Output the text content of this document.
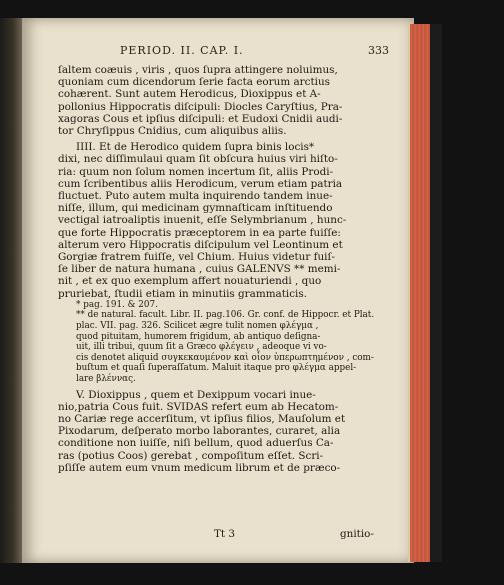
PERIOD. II. CAP. I.	333
ſaltem coæuis , viris , quos ſupra attingere noluimus,
quoniam cum dicendorum ſerie facta eorum arctius
cohærent. Sunt autem Herodicus, Dioxippus et A-
pollonius Hippocratis diſcipuli: Diocles Caryſtius, Pra-
xagoras Cous et ipſius diſcipuli: et Eudoxi Cnidii audi-
tor Chryſippus Cnidius, cum aliquibus aliis.
IIII. Et de Herodico quidem ſupra binis locis*
dixi, nec diſſimulaui quam ſit obſcura huius viri hiſto-
ria: quum non ſolum nomen incertum ſit, aliis Prodi-
cum ſcribentibus aliis Herodicum, verum etiam patria
fluctuet. Puto autem multa inquirendo tandem inue-
niſſe, illum, qui medicinam gymnaſticam inſtituendo
vectigal iatroaliptis inuenit, eſſe Selymbrianum , hunc-
que forte Hippocratis præceptorem in ea parte fuiſſe:
alterum vero Hippocratis diſcipulum vel Leontinum et
Gorgiæ fratrem fuiſſe, vel Chium. Huius videtur fuiſ-
ſe liber de natura humana , cuius GALENVS ** memi-
nit , et ex quo exemplum affert nouaturiendi , quo
pruriebat, ſtudii etiam in minutiis grammaticis.
* pag. 191. & 207.
** de natural. facult. Libr. II. pag.106. Gr. conf. de Hippocr. et Plat.
plac. VII. pag. 326. Scilicet ægre tulit nomen φλέγμα ,
quod pituitam, humorem frigidum, ab antiquo deſigna-
uit, illi tribui, quum ſit a Græco φλέγειν , adeoque vi vo-
cis denotet aliquid συγκεκαυμένον καὶ οἷον ὑπερωπτημένον , com-
buſtum et quaſi ſuperaſſatum. Maluit itaque pro φλέγμα appel-
lare βλέννας.
V. Dioxippus , quem et Dexippum vocari inue-
nio,patria Cous fuit. SVIDAS refert eum ab Hecatom-
no Cariæ rege accerſitum, vt ipſius filios, Mauſolum et
Pixodarum, deſperato morbo laborantes, curaret, alia
conditione non iuiſſe, niſi bellum, quod aduerſus Ca-
ras (potius Coos) gerebat , compoſitum eſſet. Scri-
pſiſſe autem eum vnum medicum librum et de præco-
Tt 3	gnitio-
